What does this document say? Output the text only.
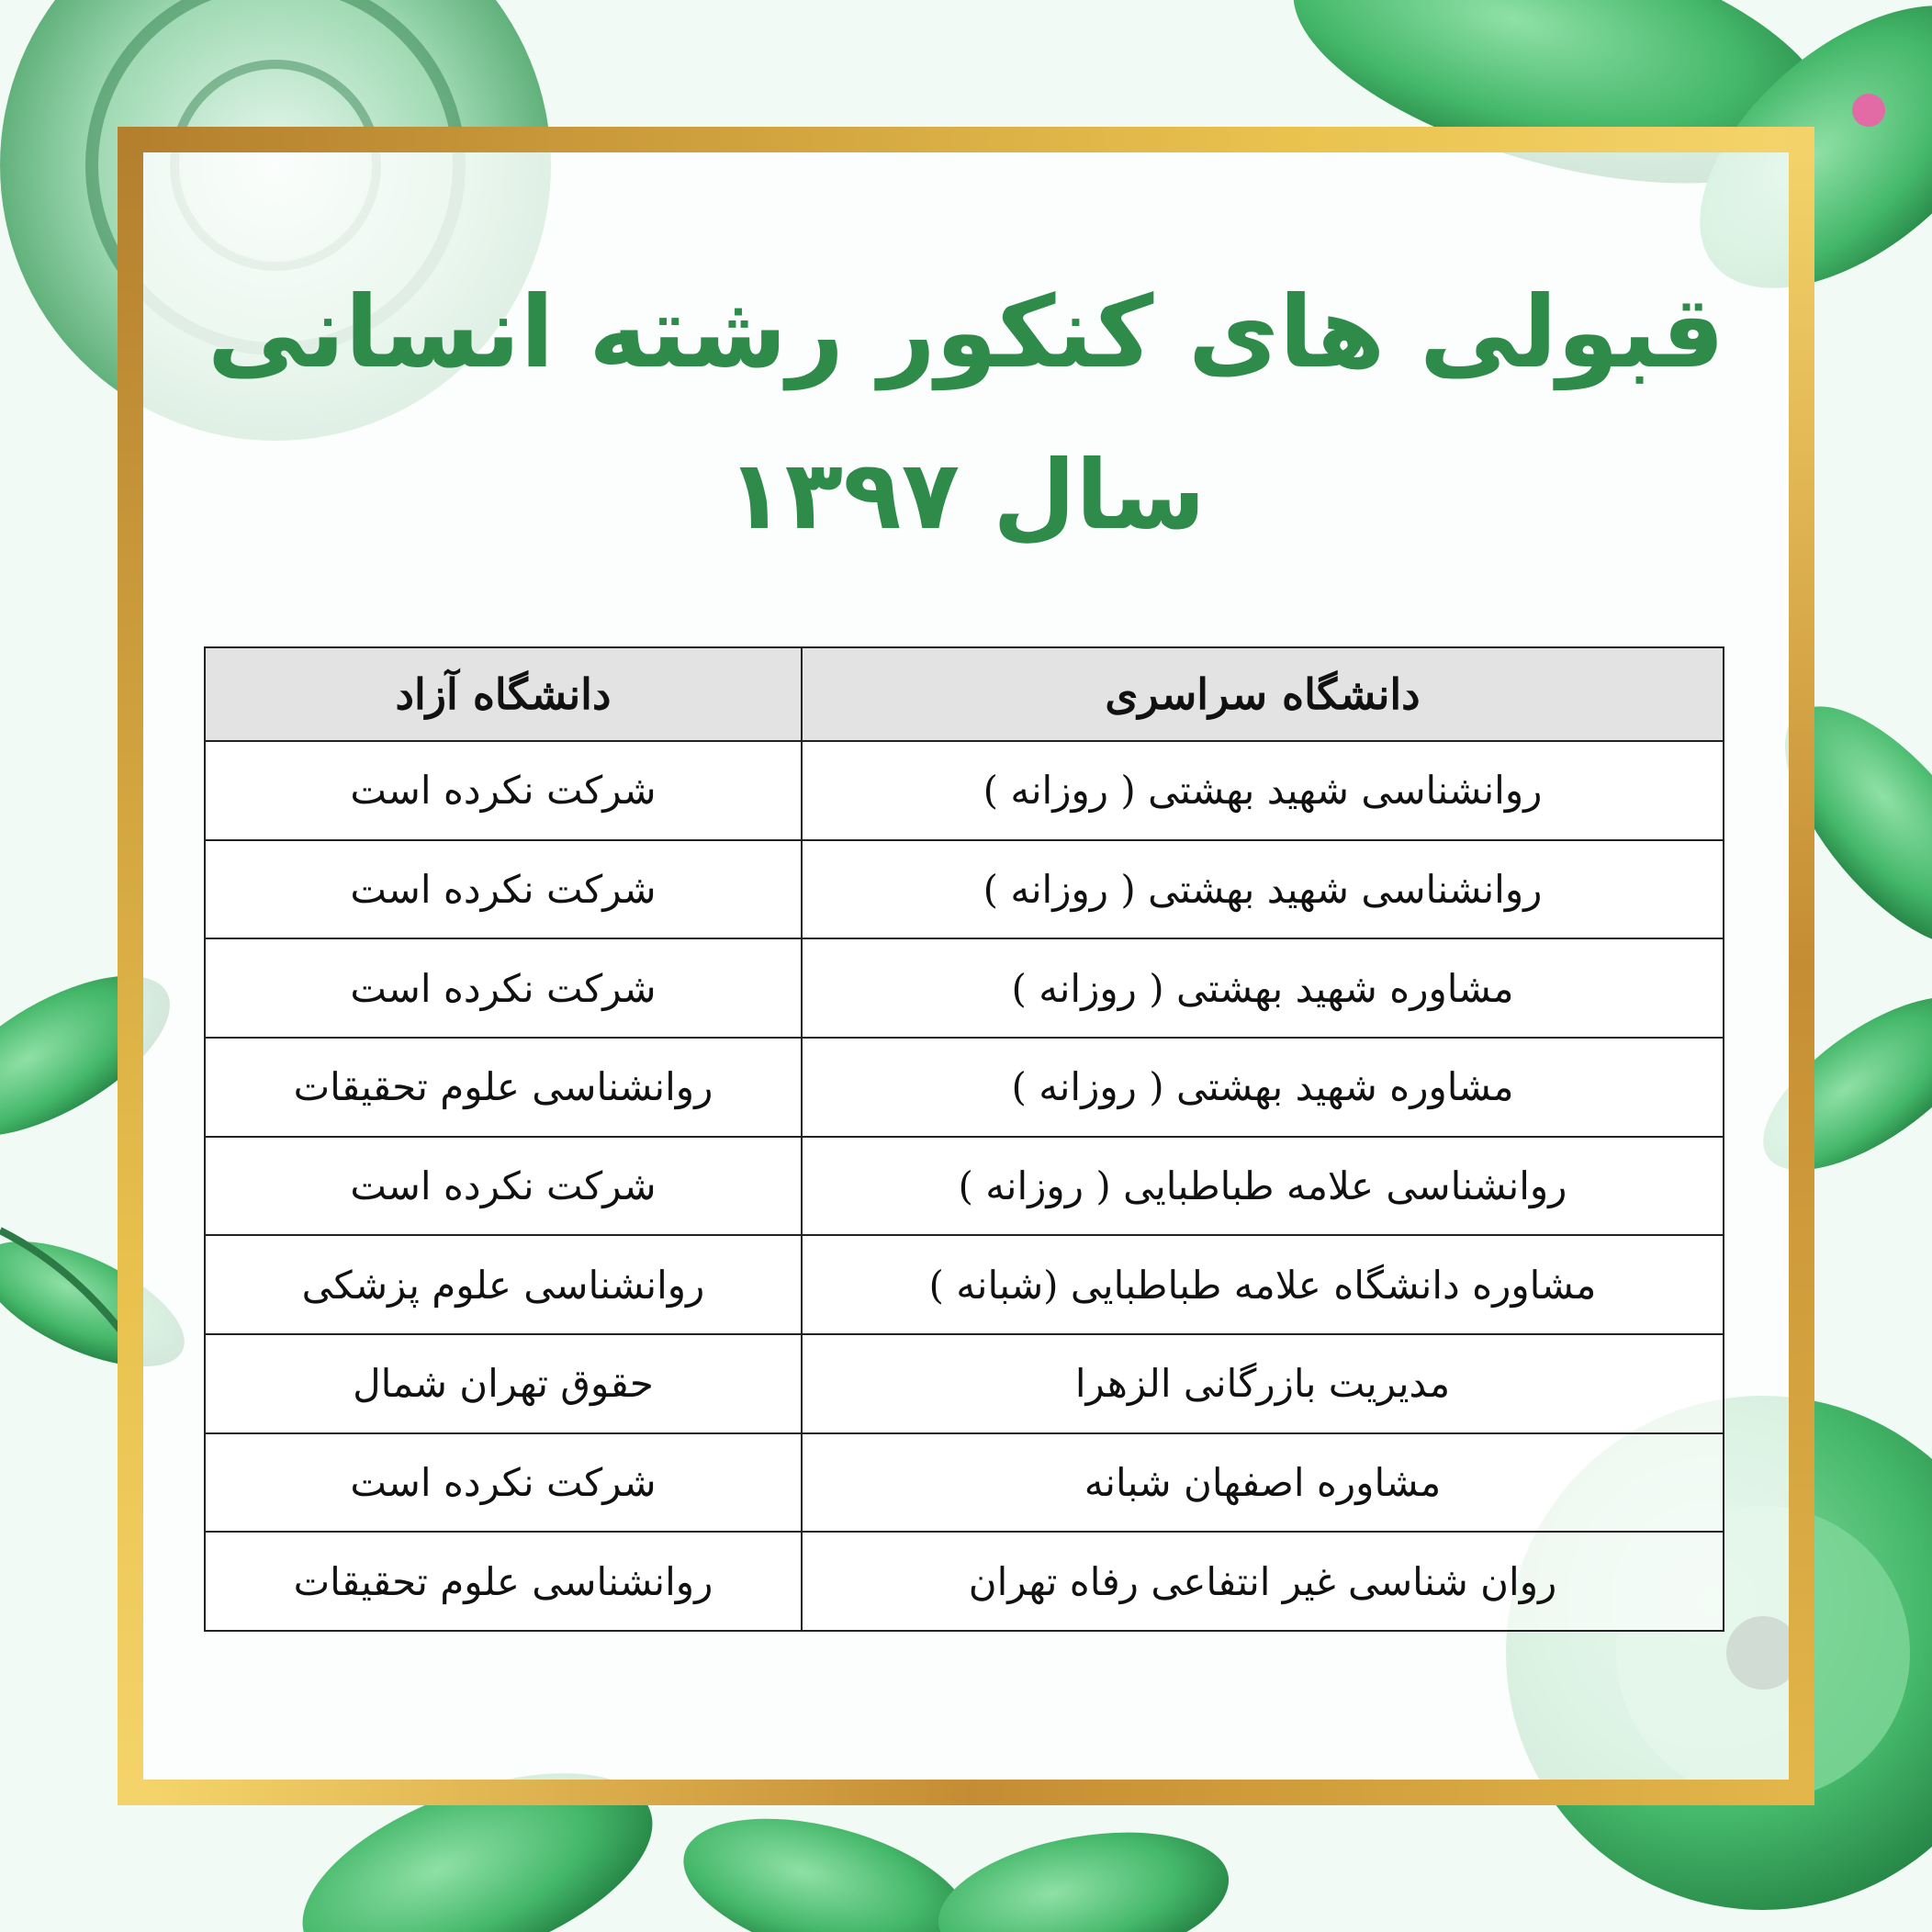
قبولی های کنکور رشته انسانی
سال ۱۳۹۷
دانشگاه سراسری	دانشگاه آزاد
روانشناسی شهید بهشتی ( روزانه )	شرکت نکرده است
روانشناسی شهید بهشتی ( روزانه )	شرکت نکرده است
مشاوره شهید بهشتی ( روزانه )	شرکت نکرده است
مشاوره شهید بهشتی ( روزانه )	روانشناسی علوم تحقیقات
روانشناسی علامه طباطبایی ( روزانه )	شرکت نکرده است
مشاوره دانشگاه علامه طباطبایی (شبانه )	روانشناسی علوم پزشکی
مدیریت بازرگانی الزهرا	حقوق تهران شمال
مشاوره اصفهان شبانه	شرکت نکرده است
روان شناسی غیر انتفاعی رفاه تهران	روانشناسی علوم تحقیقات
